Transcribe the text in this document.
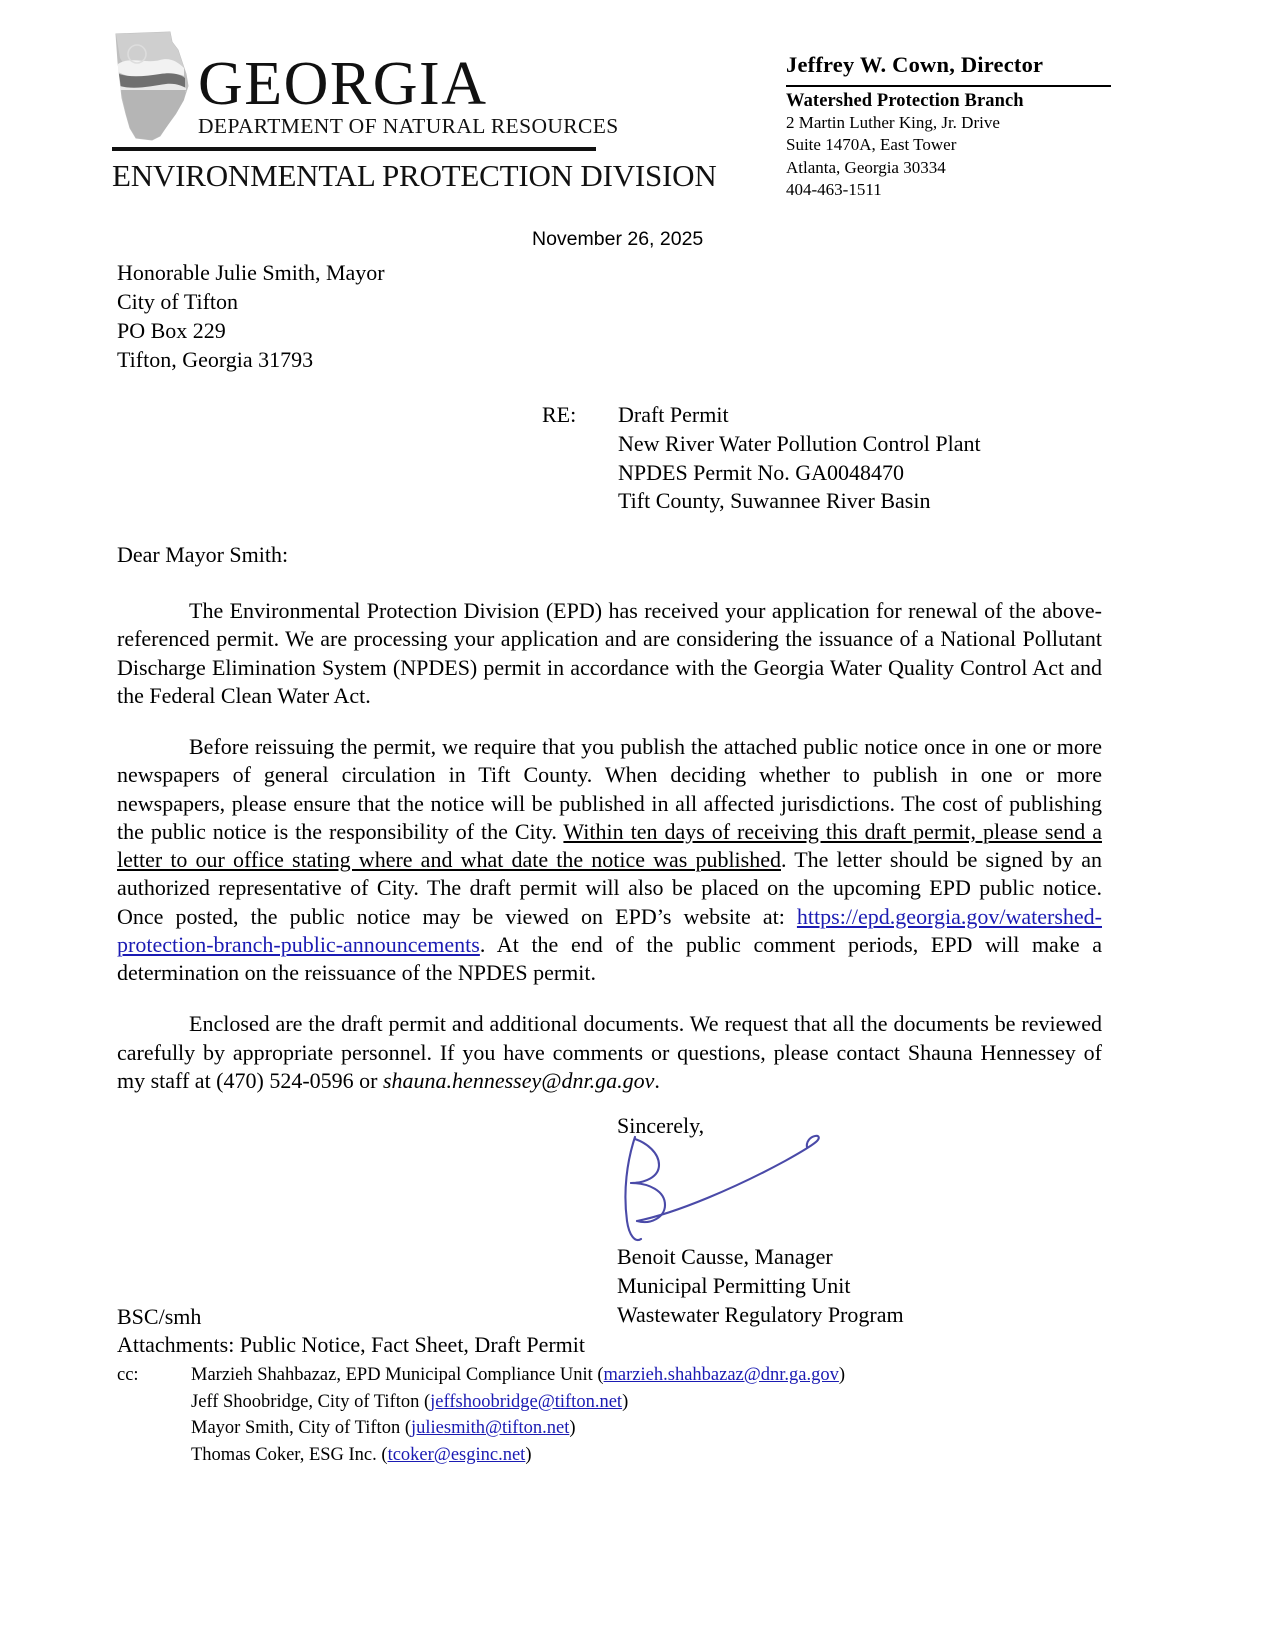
GEORGIA
DEPARTMENT OF NATURAL RESOURCES
ENVIRONMENTAL PROTECTION DIVISION
Jeffrey W. Cown, Director
Watershed Protection Branch
2 Martin Luther King, Jr. Drive
Suite 1470A, East Tower
Atlanta, Georgia 30334
404-463-1511
November 26, 2025
Honorable Julie Smith, Mayor
City of Tifton
PO Box 229
Tifton, Georgia 31793
RE:	Draft Permit
New River Water Pollution Control Plant
NPDES Permit No. GA0048470
Tift County, Suwannee River Basin
Dear Mayor Smith:

The Environmental Protection Division (EPD) has received your application for renewal of the above-referenced permit. We are processing your application and are considering the issuance of a National Pollutant Discharge Elimination System (NPDES) permit in accordance with the Georgia Water Quality Control Act and the Federal Clean Water Act.

Before reissuing the permit, we require that you publish the attached public notice once in one or more newspapers of general circulation in Tift County. When deciding whether to publish in one or more newspapers, please ensure that the notice will be published in all affected jurisdictions. The cost of publishing the public notice is the responsibility of the City. Within ten days of receiving this draft permit, please send a letter to our office stating where and what date the notice was published. The letter should be signed by an authorized representative of City. The draft permit will also be placed on the upcoming EPD public notice. Once posted, the public notice may be viewed on EPD’s website at: https://epd.georgia.gov/watershed-protection-branch-public-announcements. At the end of the public comment periods, EPD will make a determination on the reissuance of the NPDES permit.

Enclosed are the draft permit and additional documents. We request that all the documents be reviewed carefully by appropriate personnel. If you have comments or questions, please contact Shauna Hennessey of my staff at (470) 524-0596 or shauna.hennessey@dnr.ga.gov.

Sincerely,
Benoit Causse, Manager
Municipal Permitting Unit
Wastewater Regulatory Program
BSC/smh
Attachments: Public Notice, Fact Sheet, Draft Permit
cc:	Marzieh Shahbazaz, EPD Municipal Compliance Unit (marzieh.shahbazaz@dnr.ga.gov)
Jeff Shoobridge, City of Tifton (jeffshoobridge@tifton.net)
Mayor Smith, City of Tifton (juliesmith@tifton.net)
Thomas Coker, ESG Inc. (tcoker@esginc.net)
